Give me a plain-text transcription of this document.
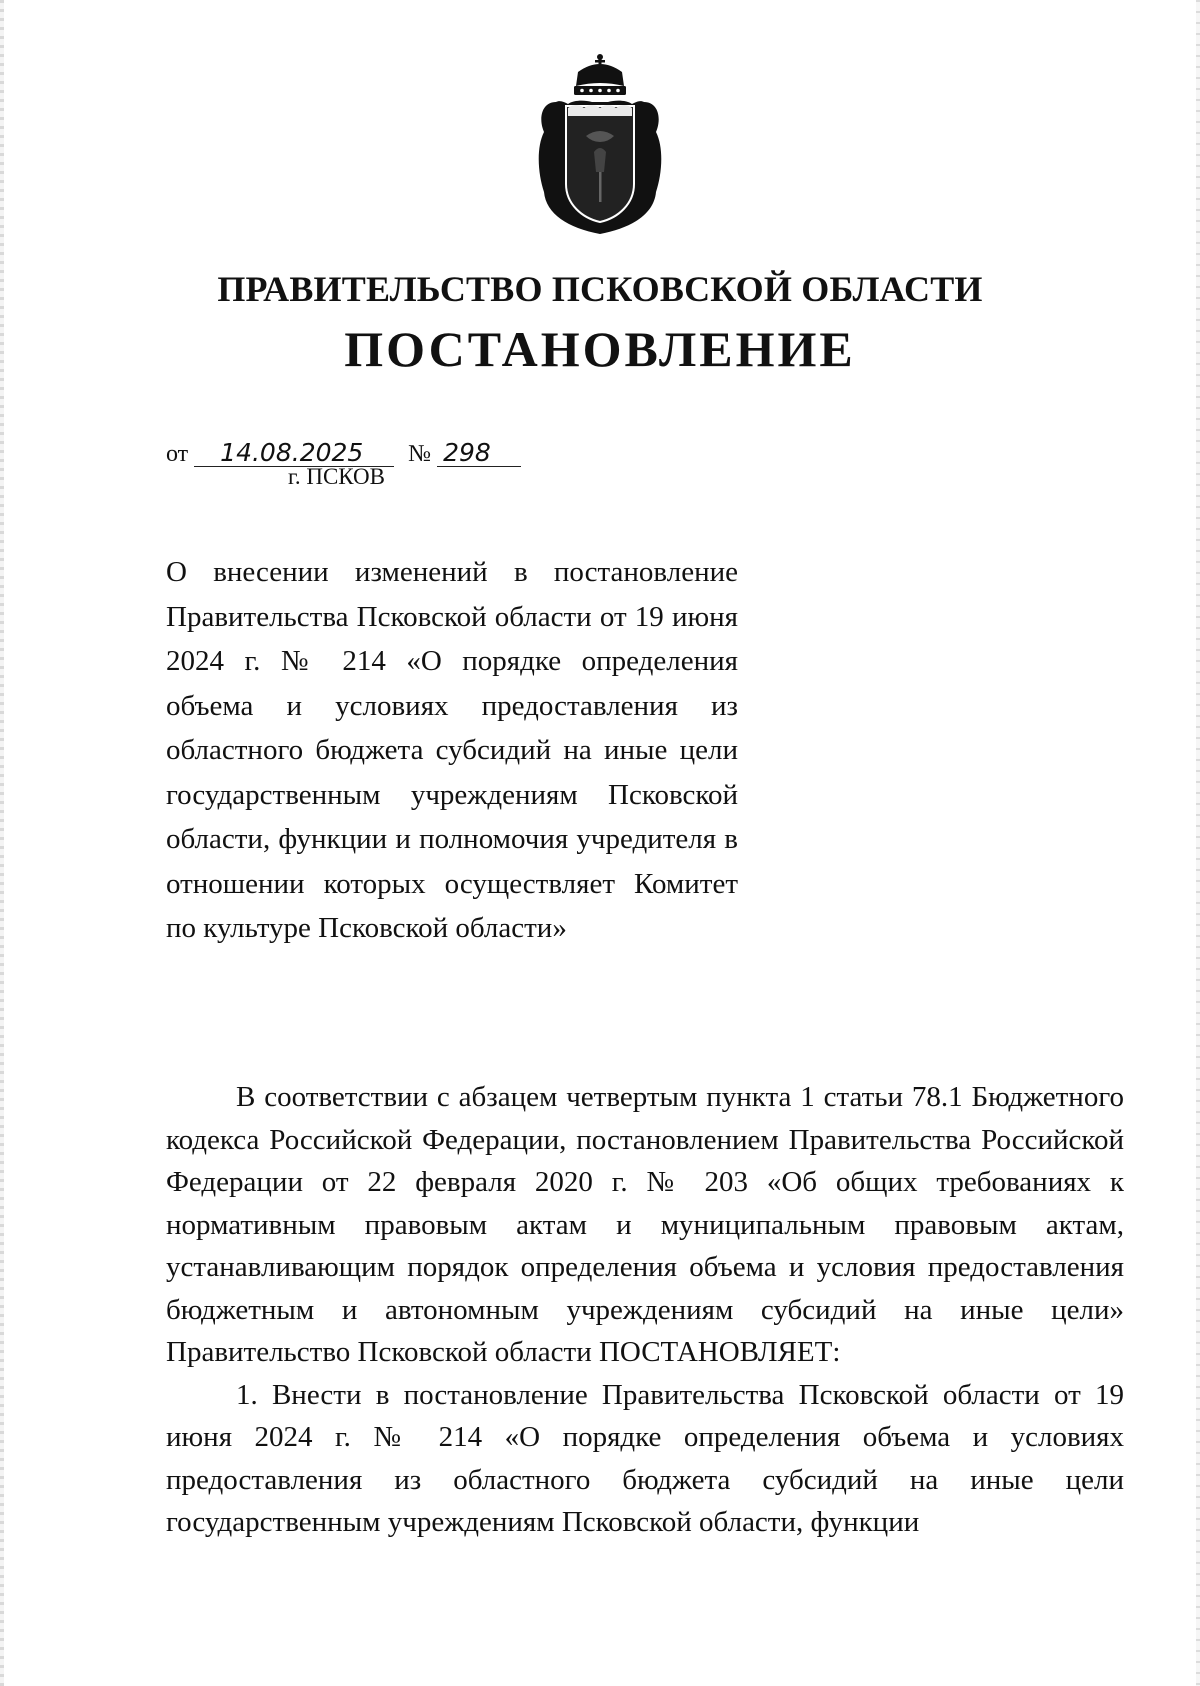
ПРАВИТЕЛЬСТВО ПСКОВСКОЙ ОБЛАСТИ
ПОСТАНОВЛЕНИЕ
от 14.08.2025 № 298
г. ПСКОВ
О внесении изменений в постановление Правительства Псковской области от 19 июня 2024 г. № 214 «О порядке определения объема и условиях предоставления из областного бюджета субсидий на иные цели государственным учреждениям Псковской области, функции и полномочия учредителя в отношении которых осуществляет Комитет по культуре Псковской области»

В соответствии с абзацем четвертым пункта 1 статьи 78.1 Бюджетного кодекса Российской Федерации, постановлением Правительства Российской Федерации от 22 февраля 2020 г. № 203 «Об общих требованиях к нормативным правовым актам и муниципальным правовым актам, устанавливающим порядок определения объема и условия предоставления бюджетным и автономным учреждениям субсидий на иные цели» Правительство Псковской области ПОСТАНОВЛЯЕТ:

1. Внести в постановление Правительства Псковской области от 19 июня 2024 г. № 214 «О порядке определения объема и условиях предоставления из областного бюджета субсидий на иные цели государственным учреждениям Псковской области, функции
